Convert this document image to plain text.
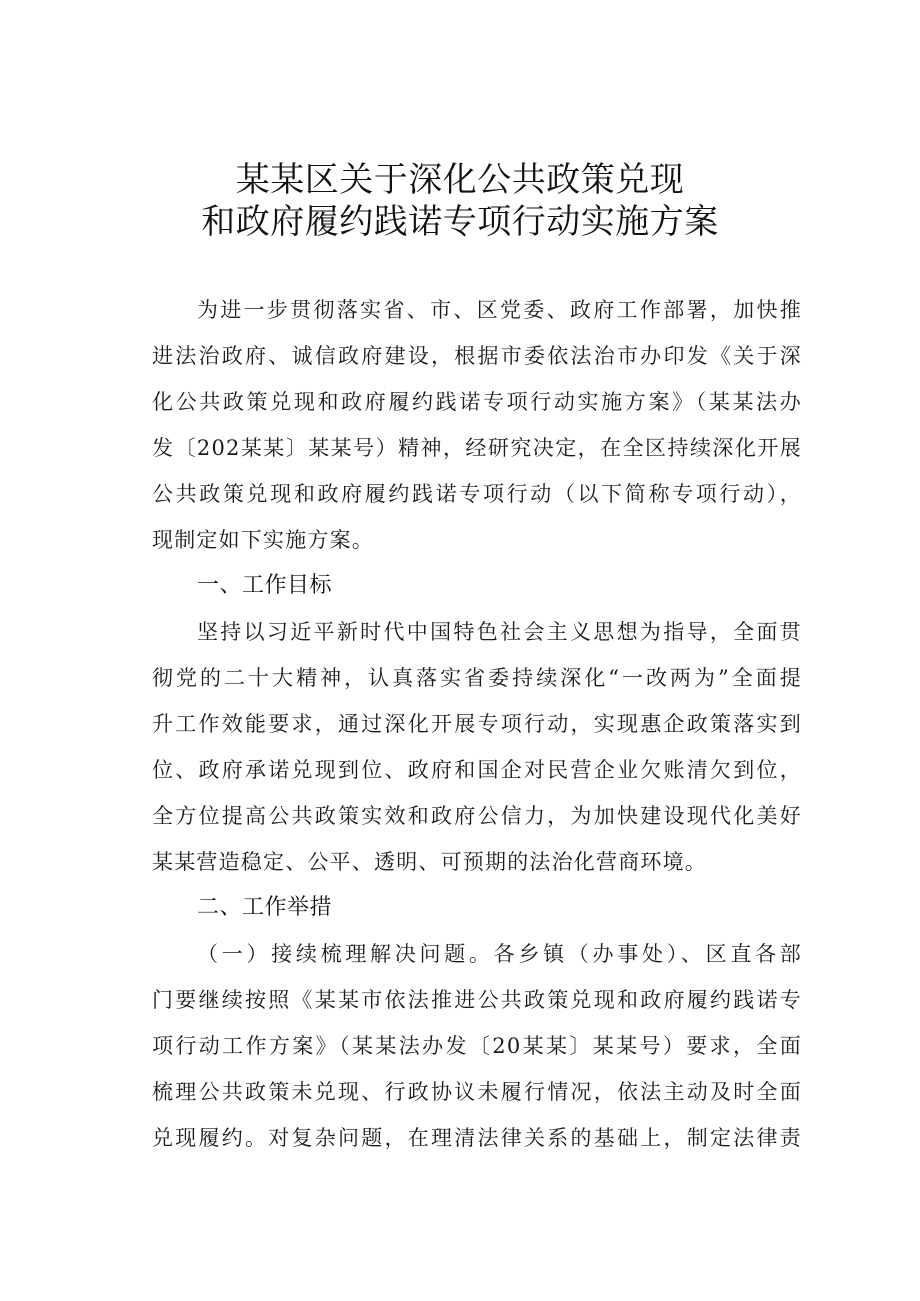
某某区关于深化公共政策兑现
和政府履约践诺专项行动实施方案
为进一步贯彻落实省、市、区党委、政府工作部署，加快推
进法治政府、诚信政府建设，根据市委依法治市办印发《关于深
化公共政策兑现和政府履约践诺专项行动实施方案》（某某法办
发〔202某某〕某某号）精神，经研究决定，在全区持续深化开展
公共政策兑现和政府履约践诺专项行动（以下简称专项行动），
现制定如下实施方案。
一、工作目标
坚持以习近平新时代中国特色社会主义思想为指导，全面贯
彻党的二十大精神，认真落实省委持续深化“一改两为”全面提
升工作效能要求，通过深化开展专项行动，实现惠企政策落实到
位、政府承诺兑现到位、政府和国企对民营企业欠账清欠到位，
全方位提高公共政策实效和政府公信力，为加快建设现代化美好
某某营造稳定、公平、透明、可预期的法治化营商环境。
二、工作举措
（一）接续梳理解决问题。各乡镇（办事处）、区直各部
门要继续按照《某某市依法推进公共政策兑现和政府履约践诺专
项行动工作方案》（某某法办发〔20某某〕某某号）要求，全面
梳理公共政策未兑现、行政协议未履行情况，依法主动及时全面
兑现履约。对复杂问题，在理清法律关系的基础上，制定法律责
